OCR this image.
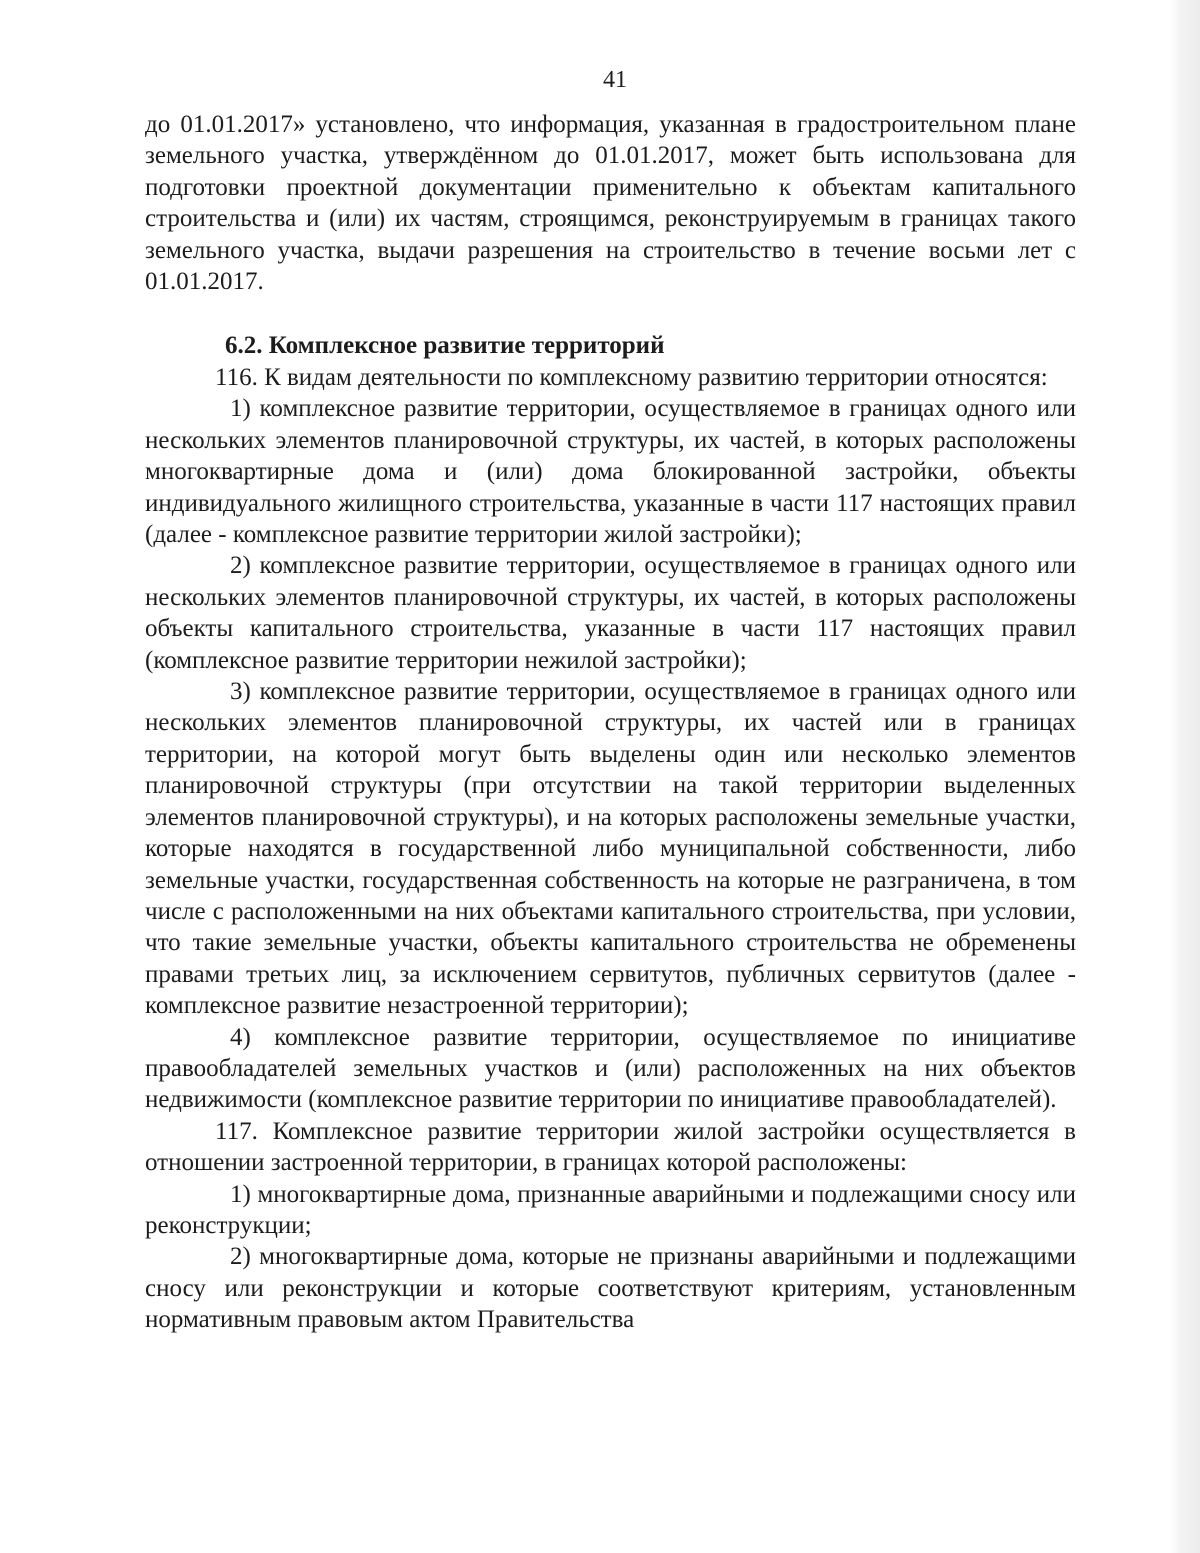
41

до 01.01.2017» установлено, что информация, указанная в градостроительном плане земельного участка, утверждённом до 01.01.2017, может быть использована для подготовки проектной документации применительно к объектам капитального строительства и (или) их частям, строящимся, реконструируемым в границах такого земельного участка, выдачи разрешения на строительство в течение восьми лет с 01.01.2017.

6.2. Комплексное развитие территорий

116. К видам деятельности по комплексному развитию территории относятся:

1) комплексное развитие территории, осуществляемое в границах одного или нескольких элементов планировочной структуры, их частей, в которых расположены многоквартирные дома и (или) дома блокированной застройки, объекты индивидуального жилищного строительства, указанные в части 117 настоящих правил (далее - комплексное развитие территории жилой застройки);

2) комплексное развитие территории, осуществляемое в границах одного или нескольких элементов планировочной структуры, их частей, в которых расположены объекты капитального строительства, указанные в части 117 настоящих правил (комплексное развитие территории нежилой застройки);

3) комплексное развитие территории, осуществляемое в границах одного или нескольких элементов планировочной структуры, их частей или в границах территории, на которой могут быть выделены один или несколько элементов планировочной структуры (при отсутствии на такой территории выделенных элементов планировочной структуры), и на которых расположены земельные участки, которые находятся в государственной либо муниципальной собственности, либо земельные участки, государственная собственность на которые не разграничена, в том числе с расположенными на них объектами капитального строительства, при условии, что такие земельные участки, объекты капитального строительства не обременены правами третьих лиц, за исключением сервитутов, публичных сервитутов (далее - комплексное развитие незастроенной территории);

4) комплексное развитие территории, осуществляемое по инициативе правообладателей земельных участков и (или) расположенных на них объектов недвижимости (комплексное развитие территории по инициативе правообладателей).

117. Комплексное развитие территории жилой застройки осуществляется в отношении застроенной территории, в границах которой расположены:

1) многоквартирные дома, признанные аварийными и подлежащими сносу или реконструкции;

2) многоквартирные дома, которые не признаны аварийными и подлежащими сносу или реконструкции и которые соответствуют критериям, установленным нормативным правовым актом Правительства
